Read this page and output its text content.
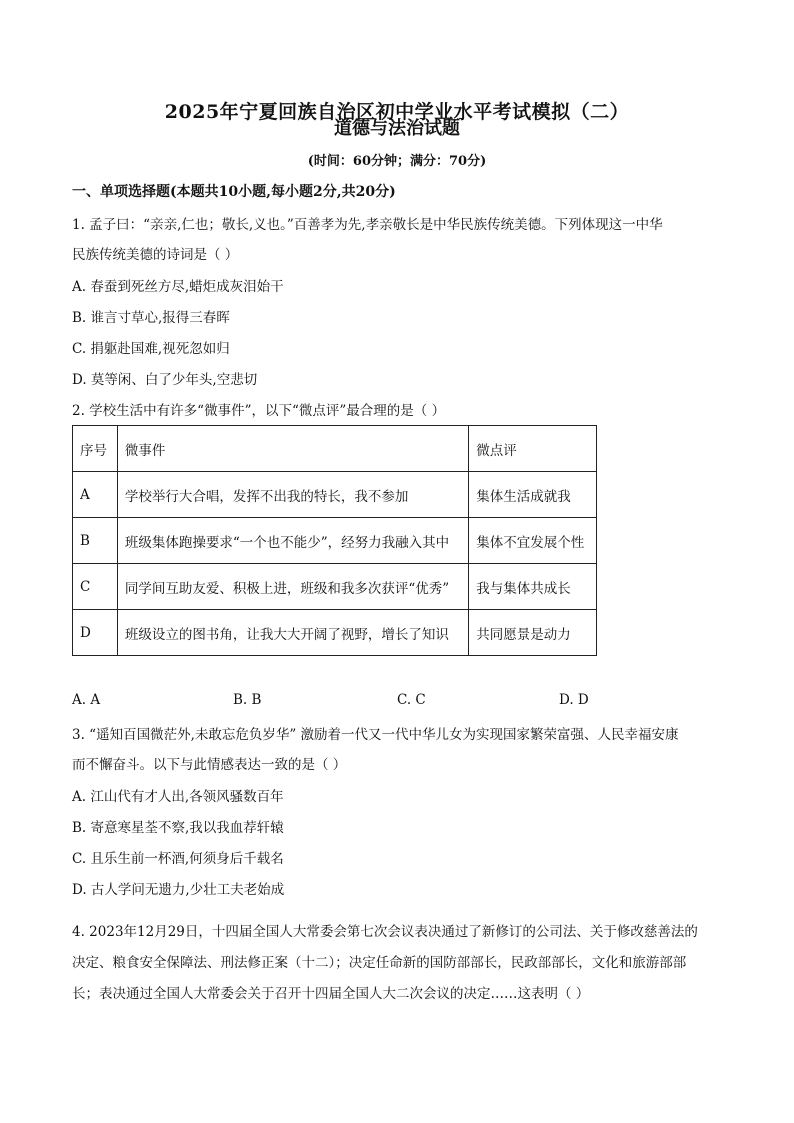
2025年宁夏回族自治区初中学业水平考试模拟（二）
道德与法治试题
(时间：60分钟；满分：70分)
一、单项选择题(本题共10小题,每小题2分,共20分)
1. 孟子曰：“亲亲,仁也；敬长,义也。”百善孝为先,孝亲敬长是中华民族传统美德。下列体现这一中华
民族传统美德的诗词是（ ）
A. 春蚕到死丝方尽,蜡炬成灰泪始干
B. 谁言寸草心,报得三春晖
C. 捐躯赴国难,视死忽如归
D. 莫等闲、白了少年头,空悲切
2. 学校生活中有许多“微事件”，以下“微点评”最合理的是（ ）
序号	微事件	微点评
A	学校举行大合唱，发挥不出我的特长，我不参加	集体生活成就我
B	班级集体跑操要求“一个也不能少”，经努力我融入其中	集体不宜发展个性
C	同学间互助友爱、积极上进，班级和我多次获评“优秀”	我与集体共成长
D	班级设立的图书角，让我大大开阔了视野，增长了知识	共同愿景是动力
A. A	B. B	C. C	D. D
3. “遥知百国微茫外,未敢忘危负岁华” 激励着一代又一代中华儿女为实现国家繁荣富强、人民幸福安康
而不懈奋斗。以下与此情感表达一致的是（ ）
A. 江山代有才人出,各领风骚数百年
B. 寄意寒星荃不察,我以我血荐轩辕
C. 且乐生前一杯酒,何须身后千载名
D. 古人学问无遗力,少壮工夫老始成
4. 2023年12月29日，十四届全国人大常委会第七次会议表决通过了新修订的公司法、关于修改慈善法的
决定、粮食安全保障法、刑法修正案（十二）；决定任命新的国防部部长，民政部部长，文化和旅游部部
长；表决通过全国人大常委会关于召开十四届全国人大二次会议的决定……这表明（ ）
